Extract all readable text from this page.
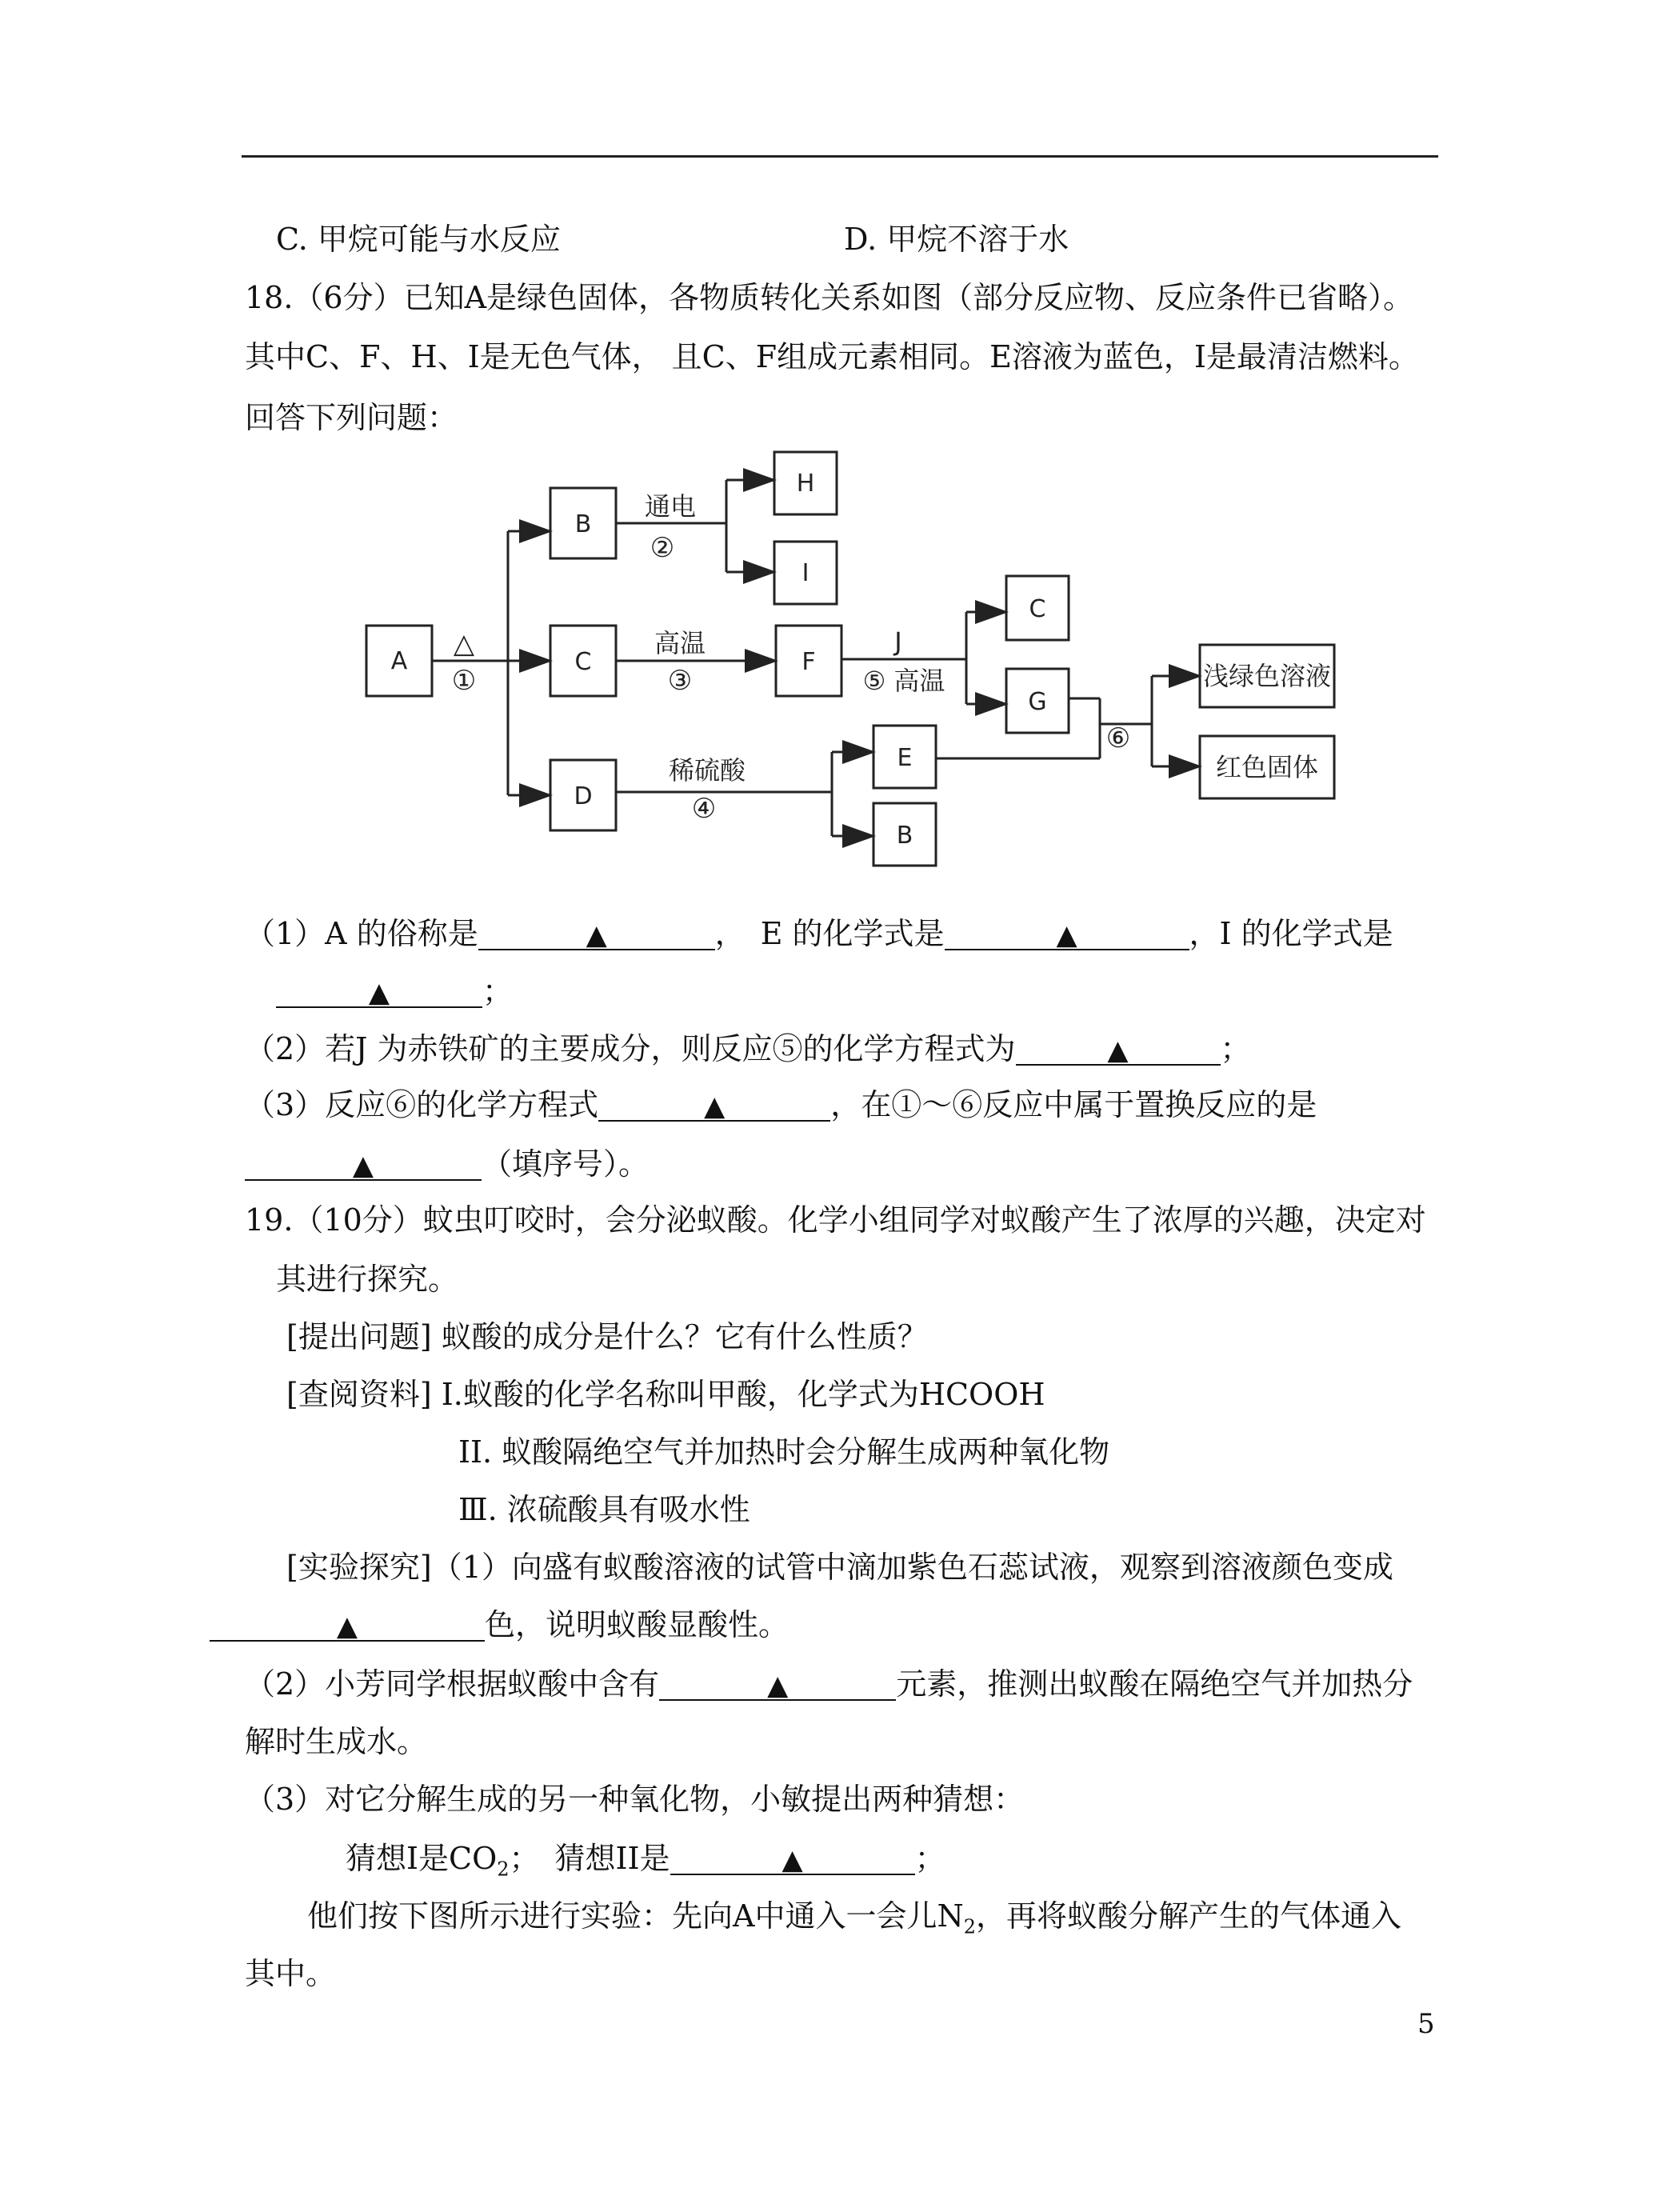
C. 甲烷可能与水反应	D. 甲烷不溶于水
18.（6分）已知A是绿色固体，各物质转化关系如图（部分反应物、反应条件已省略）。
其中C、F、H、I是无色气体， 且C、F组成元素相同。E溶液为蓝色，I是最清洁燃料。
回答下列问题：
A
B
C
D
H
I
F
C
G
E
B
浅绿色溶液
红色固体
△
①
通电
②
高温
③
稀硫酸
④
J
⑤ 高温
⑥
（1）A 的俗称是	▲	，　E 的化学式是	▲	，I 的化学式是
▲	；
（2）若J 为赤铁矿的主要成分，则反应⑤的化学方程式为	▲	；
（3）反应⑥的化学方程式	▲	，在①～⑥反应中属于置换反应的是
▲	（填序号）。
19.（10分）蚊虫叮咬时，会分泌蚁酸。化学小组同学对蚁酸产生了浓厚的兴趣，决定对
其进行探究。
[提出问题] 蚁酸的成分是什么？它有什么性质？
[查阅资料] Ⅰ.蚁酸的化学名称叫甲酸，化学式为HCOOH
II. 蚁酸隔绝空气并加热时会分解生成两种氧化物
Ⅲ. 浓硫酸具有吸水性
[实验探究]（1）向盛有蚁酸溶液的试管中滴加紫色石蕊试液，观察到溶液颜色变成
▲	色，说明蚁酸显酸性。
（2）小芳同学根据蚁酸中含有	▲	元素，推测出蚁酸在隔绝空气并加热分
解时生成水。
（3）对它分解生成的另一种氧化物，小敏提出两种猜想：
猜想Ⅰ是$CO_2$；　猜想II是	▲	；
他们按下图所示进行实验：先向A中通入一会儿$N_2$，再将蚁酸分解产生的气体通入
其中。
5
